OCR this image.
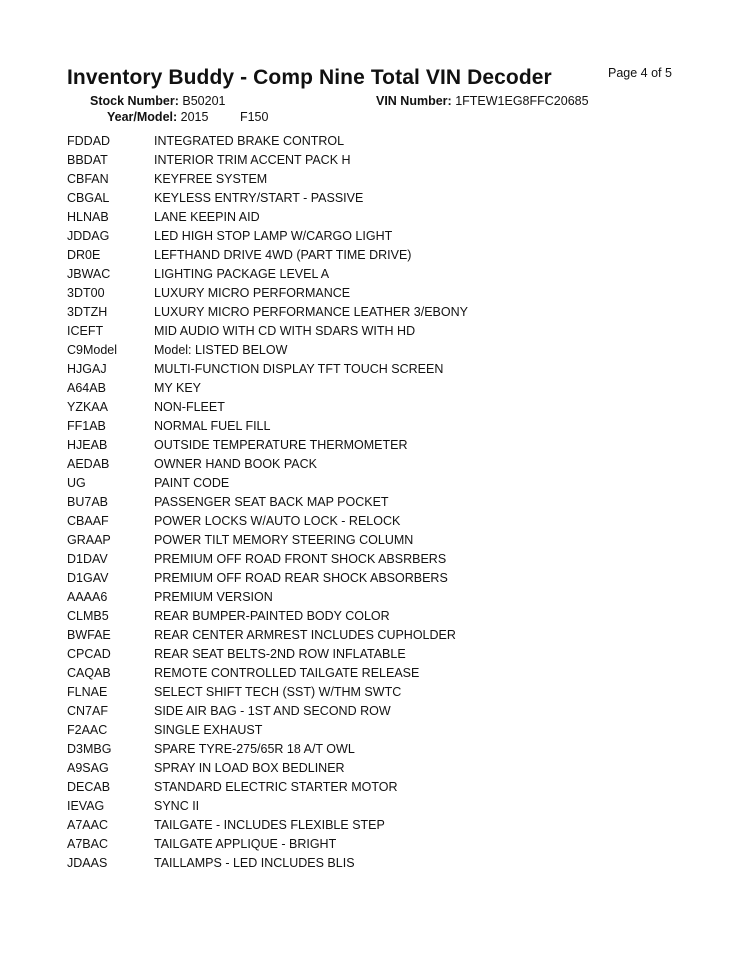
Inventory Buddy - Comp Nine Total VIN Decoder	Page 4 of 5
Stock Number: B50201	VIN Number: 1FTEW1EG8FFC20685
Year/Model: 2015	F150
FDDAD	INTEGRATED BRAKE CONTROL
BBDAT	INTERIOR TRIM ACCENT PACK H
CBFAN	KEYFREE SYSTEM
CBGAL	KEYLESS ENTRY/START - PASSIVE
HLNAB	LANE KEEPIN AID
JDDAG	LED HIGH STOP LAMP W/CARGO LIGHT
DR0E	LEFTHAND DRIVE 4WD (PART TIME DRIVE)
JBWAC	LIGHTING PACKAGE LEVEL A
3DT00	LUXURY MICRO PERFORMANCE
3DTZH	LUXURY MICRO PERFORMANCE LEATHER 3/EBONY
ICEFT	MID AUDIO WITH CD WITH SDARS WITH HD
C9Model	Model: LISTED BELOW
HJGAJ	MULTI-FUNCTION DISPLAY TFT TOUCH SCREEN
A64AB	MY KEY
YZKAA	NON-FLEET
FF1AB	NORMAL FUEL FILL
HJEAB	OUTSIDE TEMPERATURE THERMOMETER
AEDAB	OWNER HAND BOOK PACK
UG	PAINT CODE
BU7AB	PASSENGER SEAT BACK MAP POCKET
CBAAF	POWER LOCKS W/AUTO LOCK - RELOCK
GRAAP	POWER TILT MEMORY STEERING COLUMN
D1DAV	PREMIUM OFF ROAD FRONT SHOCK ABSRBERS
D1GAV	PREMIUM OFF ROAD REAR SHOCK ABSORBERS
AAAA6	PREMIUM VERSION
CLMB5	REAR BUMPER-PAINTED BODY COLOR
BWFAE	REAR CENTER ARMREST INCLUDES CUPHOLDER
CPCAD	REAR SEAT BELTS-2ND ROW INFLATABLE
CAQAB	REMOTE CONTROLLED TAILGATE RELEASE
FLNAE	SELECT SHIFT TECH (SST) W/THM SWTC
CN7AF	SIDE AIR BAG - 1ST AND SECOND ROW
F2AAC	SINGLE EXHAUST
D3MBG	SPARE TYRE-275/65R 18 A/T OWL
A9SAG	SPRAY IN LOAD BOX BEDLINER
DECAB	STANDARD ELECTRIC STARTER MOTOR
IEVAG	SYNC II
A7AAC	TAILGATE - INCLUDES FLEXIBLE STEP
A7BAC	TAILGATE APPLIQUE - BRIGHT
JDAAS	TAILLAMPS - LED INCLUDES BLIS
